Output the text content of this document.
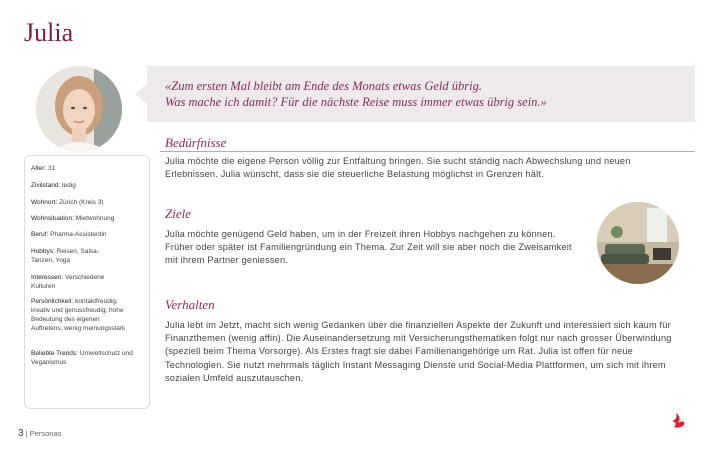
Julia
«Zum ersten Mal bleibt am Ende des Monats etwas Geld übrig.
Was mache ich damit? Für die nächste Reise muss immer etwas übrig sein.»
Bedürfnisse
Julia möchte die eigene Person völlig zur Entfaltung bringen. Sie sucht ständig nach Abwechslung und neuen Erlebnissen. Julia wünscht, dass sie die steuerliche Belastung möglichst in Grenzen hält.
Ziele
Julia möchte genügend Geld haben, um in der Freizeit ihren Hobbys nachgehen zu können. Früher oder später ist Familiengründung ein Thema. Zur Zeit will sie aber noch die Zweisamkeit mit ihrem Partner geniessen.
Verhalten
Julia lebt im Jetzt, macht sich wenig Gedanken über die finanziellen Aspekte der Zukunft und interessiert sich kaum für Finanzthemen (wenig affin). Die Auseinandersetzung mit Versicherungsthematiken folgt nur nach grosser Überwindung (speziell beim Thema Vorsorge). Als Erstes fragt sie dabei Familienangehörige um Rat. Julia ist offen für neue Technologien. Sie nutzt mehrmals täglich Instant Messaging Dienste und Social-Media Plattformen, um sich mit ihrem sozialen Umfeld auszutauschen.
Alter: 31
Zivilstand: ledig
Wohnort: Zürich (Kreis 3)
Wohnsituation: Mietwohnung
Beruf: Pharma-Assistentin
Hobbys: Reisen, Salsa-Tanzen, Yoga
Interessen: Verschiedene Kulturen
Persönlichkeit: kontaktfreudig, kreativ und genussfreudig; hohe Bedeutung des eigenen Auftretens, wenig meinungsstark
Beliebte Trends: Umweltschutz und Veganismus
3 | Personas
